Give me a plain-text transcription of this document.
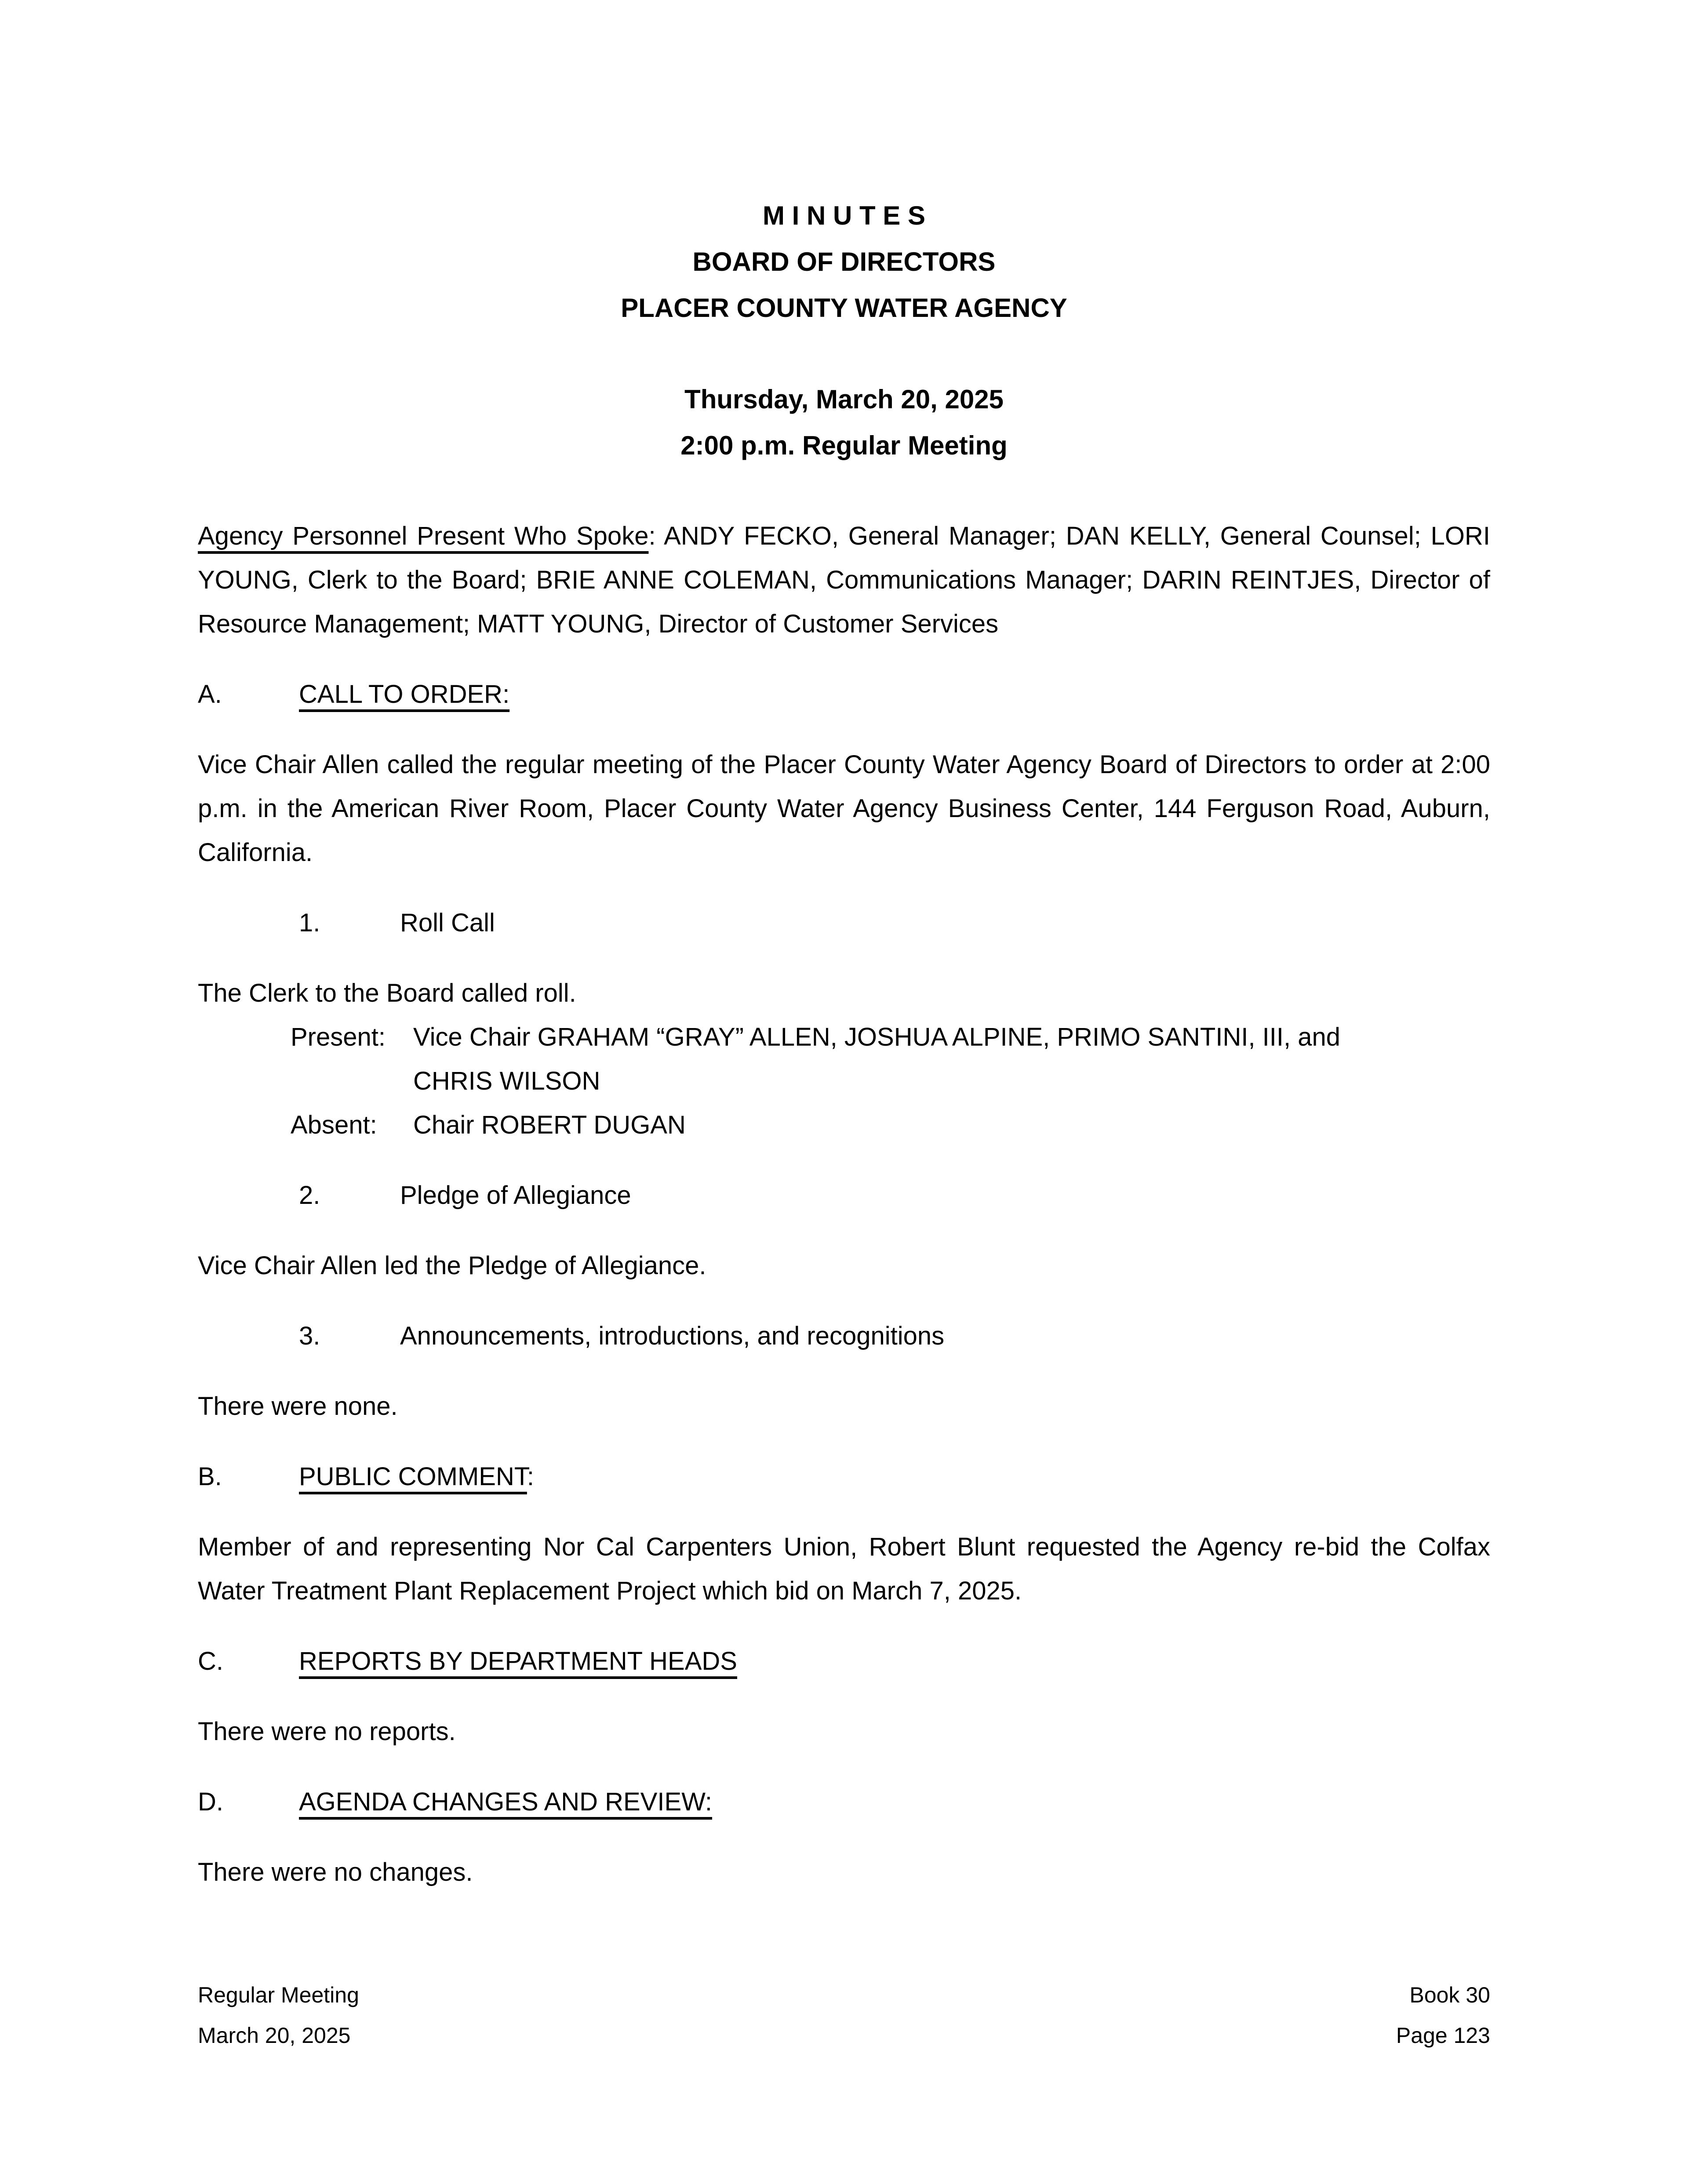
M I N U T E S

BOARD OF DIRECTORS

PLACER COUNTY WATER AGENCY

Thursday, March 20, 2025

2:00 p.m. Regular Meeting

Agency Personnel Present Who Spoke: ANDY FECKO, General Manager; DAN KELLY, General Counsel; LORI YOUNG, Clerk to the Board; BRIE ANNE COLEMAN, Communications Manager; DARIN REINTJES, Director of Resource Management; MATT YOUNG, Director of Customer Services

A.	CALL TO ORDER:

Vice Chair Allen called the regular meeting of the Placer County Water Agency Board of Directors to order at 2:00 p.m. in the American River Room, Placer County Water Agency Business Center, 144 Ferguson Road, Auburn, California.

1.	Roll Call
The Clerk to the Board called roll.
Present: Vice Chair GRAHAM “GRAY” ALLEN, JOSHUA ALPINE, PRIMO SANTINI, III, and
CHRIS WILSON
Absent: Chair ROBERT DUGAN
2.	Pledge of Allegiance

Vice Chair Allen led the Pledge of Allegiance.

3.	Announcements, introductions, and recognitions

There were none.

B.	PUBLIC COMMENT:

Member of and representing Nor Cal Carpenters Union, Robert Blunt requested the Agency re-bid the Colfax Water Treatment Plant Replacement Project which bid on March 7, 2025.

C.	REPORTS BY DEPARTMENT HEADS

There were no reports.

D.	AGENDA CHANGES AND REVIEW:

There were no changes.

Regular Meeting

March 20, 2025

Book 30

Page 123
